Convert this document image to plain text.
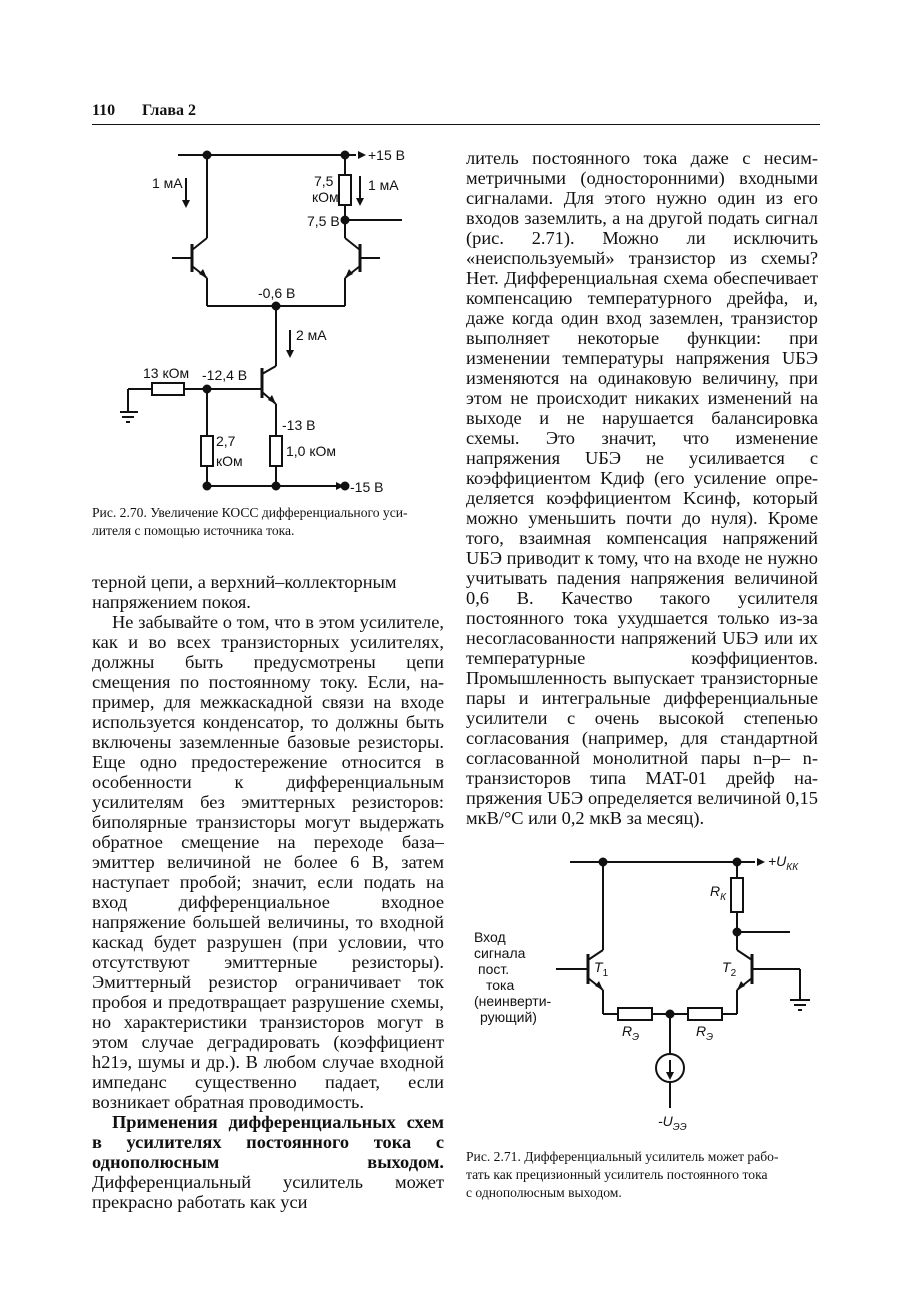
110 Глава 2
+15 В
1 мА	7,5
кОм
1 мА
7,5 В
-0,6 В
2 мА
13 кОм -12,4 В
-13 В
2,7
кОм
1,0 кОм
-15 В
Рис. 2.70. Увеличение КОСС дифференциального уси-
лителя с помощью источника тока.

терной цепи, а верхний–коллекторным
напряжением покоя.

Не забывайте о том, что в этом усилителе, как и во всех транзисторных усилителях, должны быть предусмотрены цепи смещения по постоянному току. Если, например, для межкаскадной связи на входе используется конденсатор, то должны быть включены заземленные базовые резисторы. Еще одно предостережение относится в особенности к дифференциальным усилителям без эмиттерных резисторов: биполярные транзисторы могут выдержать обратное смещение на переходе база–эмиттер величиной не более 6 В, затем наступает пробой; значит, если подать на вход дифференциальное входное напряжение большей величины, то входной каскад будет разрушен (при условии, что отсутствуют эмиттерные резисторы). Эмиттерный резистор ограничивает ток пробоя и предотвращает разрушение схемы, но характеристики транзисторов могут в этом случае деградировать (коэффициент h21э, шумы и др.). В любом случае входной импеданс существенно падает, если возникает обратная проводимость.

Применения дифференциальных схем в усилителях постоянного тока с однополюсным выходом. Дифференциальный усилитель может прекрасно работать как уси

литель постоянного тока даже с несимметричными (односторонними) входными сигналами. Для этого нужно один из его входов заземлить, а на другой подать сигнал (рис. 2.71). Можно ли исключить «неиспользуемый» транзистор из схемы? Нет. Дифференциальная схема обеспечивает компенсацию температурного дрейфа, и, даже когда один вход заземлен, транзистор выполняет некоторые функции: при изменении температуры напряжения UБЭ изменяются на одинаковую величину, при этом не происходит никаких изменений на выходе и не нарушается балансировка схемы. Это значит, что изменение напряжения UБЭ не усиливается с коэффициентом Kдиф (его усиление определяется коэффициентом Kсинф, который можно уменьшить почти до нуля). Кроме того, взаимная компенсация напряжений UБЭ приводит к тому, что на входе не нужно учитывать падения напряжения величиной 0,6 В. Качество такого усилителя постоянного тока ухудшается только из-за несогласованности напряжений UБЭ или их температурные коэффициентов. Промышленность выпускает транзисторные пары и интегральные дифференциальные усилители с очень высокой степенью согласования (например, для стандартной согласованной монолитной пары n–p– n-транзисторов типа MAT-01 дрейф напряжения UБЭ определяется величиной 0,15 мкВ/°С или 0,2 мкВ за месяц).

$+U_{КК}$
$R_К$
Вход
сигнала
пост.
тока
(неинверти-
рующий)
$T_1$	$T_2$
$R_Э$	$R_Э$
$-U_{ЭЭ}$
Рис. 2.71. Дифференциальный усилитель может рабо-
тать как прецизионный усилитель постоянного тока
с однополюсным выходом.
